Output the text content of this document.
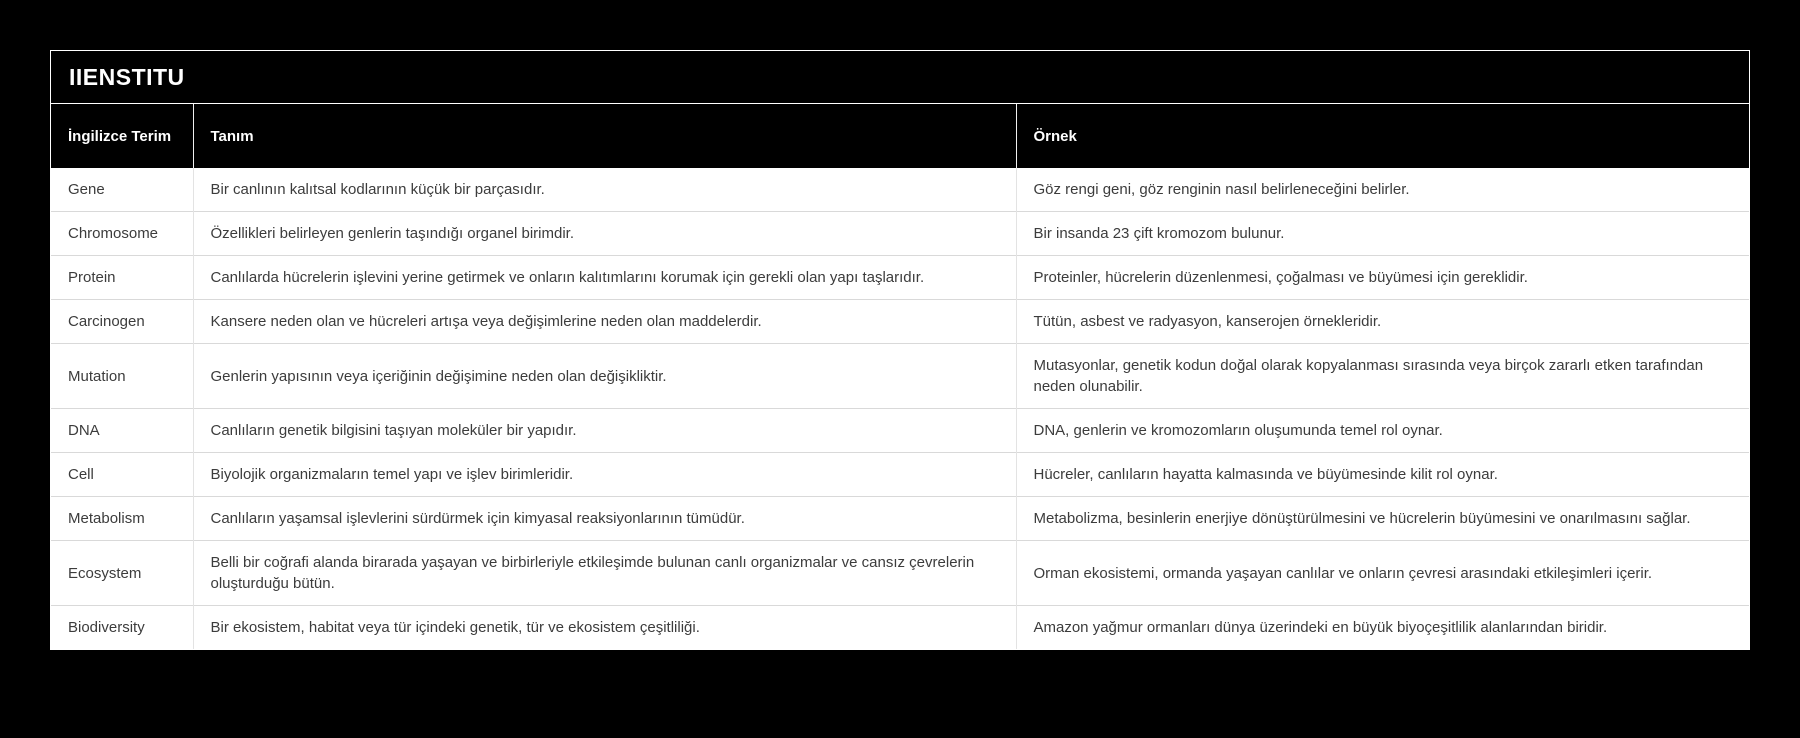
IIENSTITU
İngilizce Terim	Tanım	Örnek
Gene	Bir canlının kalıtsal kodlarının küçük bir parçasıdır.	Göz rengi geni, göz renginin nasıl belirleneceğini belirler.
Chromosome	Özellikleri belirleyen genlerin taşındığı organel birimdir.	Bir insanda 23 çift kromozom bulunur.
Protein	Canlılarda hücrelerin işlevini yerine getirmek ve onların kalıtımlarını korumak için gerekli olan yapı taşlarıdır.	Proteinler, hücrelerin düzenlenmesi, çoğalması ve büyümesi için gereklidir.
Carcinogen	Kansere neden olan ve hücreleri artışa veya değişimlerine neden olan maddelerdir.	Tütün, asbest ve radyasyon, kanserojen örnekleridir.
Mutation	Genlerin yapısının veya içeriğinin değişimine neden olan değişikliktir.	Mutasyonlar, genetik kodun doğal olarak kopyalanması sırasında veya birçok zararlı etken tarafından neden olunabilir.
DNA	Canlıların genetik bilgisini taşıyan moleküler bir yapıdır.	DNA, genlerin ve kromozomların oluşumunda temel rol oynar.
Cell	Biyolojik organizmaların temel yapı ve işlev birimleridir.	Hücreler, canlıların hayatta kalmasında ve büyümesinde kilit rol oynar.
Metabolism	Canlıların yaşamsal işlevlerini sürdürmek için kimyasal reaksiyonlarının tümüdür.	Metabolizma, besinlerin enerjiye dönüştürülmesini ve hücrelerin büyümesini ve onarılmasını sağlar.
Ecosystem	Belli bir coğrafi alanda birarada yaşayan ve birbirleriyle etkileşimde bulunan canlı organizmalar ve cansız çevrelerin oluşturduğu bütün.	Orman ekosistemi, ormanda yaşayan canlılar ve onların çevresi arasındaki etkileşimleri içerir.
Biodiversity	Bir ekosistem, habitat veya tür içindeki genetik, tür ve ekosistem çeşitliliği.	Amazon yağmur ormanları dünya üzerindeki en büyük biyoçeşitlilik alanlarından biridir.
